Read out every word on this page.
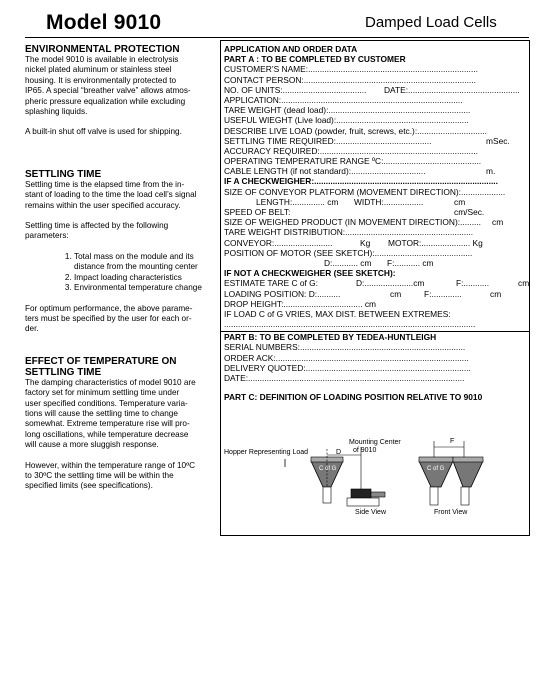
Model 9010	Damped Load Cells
ENVIRONMENTAL PROTECTION

The model 9010 is available in electrolysis

nickel plated aluminum or stainless steel

housing. It is environmentally protected to

IP65. A special “breather valve” allows atmos-

pheric pressure equalization while excluding

splashing liquids.

A built-in shut off valve is used for shipping.

SETTLING TIME

Settling time is the elapsed time from the in-

stant of loading to the time the load cell’s signal

remains within the user specified accuracy.

Settling time is affected by the following

parameters:

1. Total mass on the module and its
distance from the mounting center
2. Impact loading characteristics
3. Environmental temperature change

For optimum performance, the above parame-

ters must be specified by the user for each or-

der.

EFFECT OF TEMPERATURE ON
SETTLING TIME

The damping characteristics of model 9010 are

factory set for minimum settling time under

user specified conditions. Temperature varia-

tions will cause the settling time to change

somewhat. Extreme temperature rise will pro-

long oscillations, while temperature decrease

will cause a more sluggish response.

However, within the temperature range of 10ºC

to 30ºC the settling time will be within the

specified limits (see specifications).

APPLICATION AND ORDER DATA
PART A : TO BE COMPLETED BY CUSTOMER
CUSTOMER’S NAME:.........................................................................
CONTACT PERSON:..........................................................................
NO. OF UNITS:.................................... DATE:................................................
APPLICATION:..............................................................................
TARE WEIGHT (dead load):.............................................................
USEFUL WIEGHT (Live load):.........................................................
DESCRIBE LIVE LOAD (powder, fruit, screws, etc.):..............................
SETTLING TIME REQUIRED:.........................................	mSec.
ACCURACY REQUIRED:....................................................................
OPERATING TEMPERATURE RANGE ºC:..........................................
CABLE LENGTH (if not standard):................................	m.
IF A CHECKWEIGHER:...............................................................................
SIZE OF CONVEYOR PLATFORM (MOVEMENT DIRECTION):...................
LENGTH:.............. cm WIDTH:.................	cm
SPEED OF BELT:	cm/Sec.
SIZE OF WEIGHED PRODUCT (IN MOVEMENT DIRECTION):......... cm
TARE WEIGHT DISTRIBUTION:.......................................................
CONVEYOR:.........................	Kg MOTOR:..................... Kg
POSITION OF MOTOR (SEE SKETCH):..........................................
D:........... cm F:........... cm
IF NOT A CHECKWEIGHER (SEE SKETCH):
ESTIMATE TARE C of G:	D:.....................cm	F:...........	cm
LOADING POSITION: D:..........	cm	F:.............	cm
DROP HEIGHT:.................................. cm
IF LOAD C of G VRIES, MAX DIST. BETWEEN EXTREMES:
............................................................................................................
PART B: TO BE COMPLETED BY TEDEA-HUNTLEIGH
SERIAL NUMBERS:.......................................................................
ORDER ACK:...................................................................................
DELIVERY QUOTED:.......................................................................
DATE:.............................................................................................
PART C: DEFINITION OF LOADING POSITION RELATIVE TO 9010
Hopper Representing Load
Mounting Center
of 9010
D
F
C of G	C of G
Side View	Front View
